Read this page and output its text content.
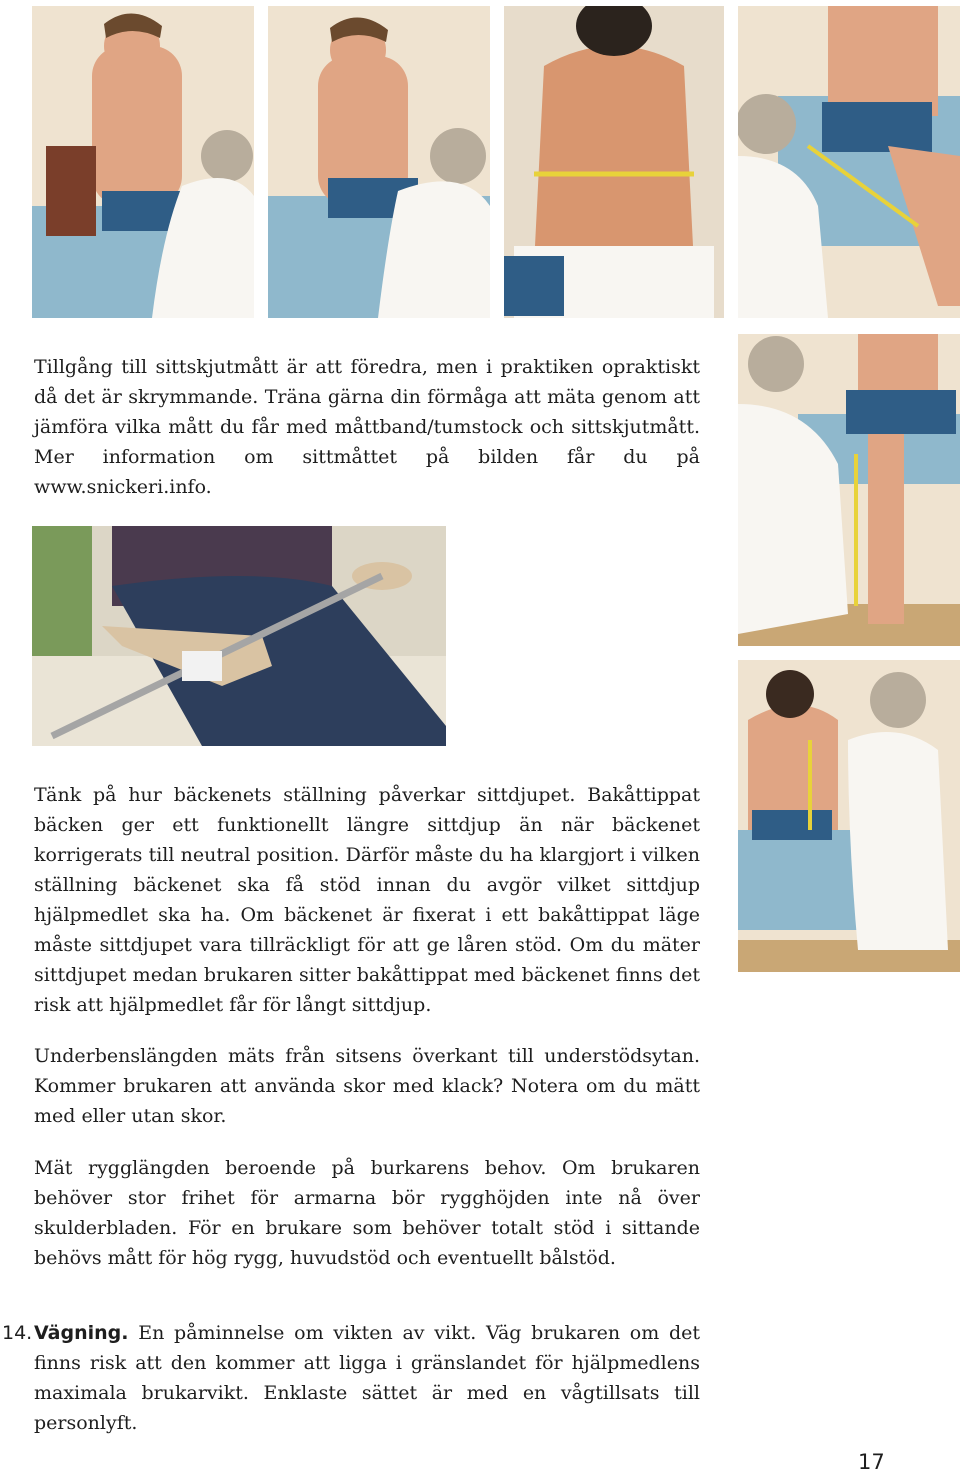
Tillgång till sittskjutmått är att föredra, men i praktiken opraktiskt då det är skrymmande. Träna gärna din förmåga att mäta genom att jämföra vilka mått du får med måttband/tumstock och sittskjutmått. Mer information om sittmåttet på bilden får du på www.snickeri.info.

Tänk på hur bäckenets ställning påverkar sittdjupet. Bakåttippat bäcken ger ett funktionellt längre sittdjup än när bäckenet korrigerats till neutral position. Därför måste du ha klargjort i vilken ställning bäckenet ska få stöd innan du avgör vilket sittdjup hjälpmedlet ska ha. Om bäckenet är fixerat i ett bakåttippat läge måste sittdjupet vara tillräckligt för att ge låren stöd. Om du mäter sittdjupet medan brukaren sitter bakåttippat med bäckenet finns det risk att hjälpmedlet får för långt sittdjup.

Underbenslängden mäts från sitsens överkant till understödsytan. Kommer brukaren att använda skor med klack? Notera om du mätt med eller utan skor.

Mät rygglängden beroende på burkarens behov. Om brukaren behöver stor frihet för armarna bör rygghöjden inte nå över skulderbladen. För en brukare som behöver totalt stöd i sittande behövs mått för hög rygg, huvudstöd och eventuellt bålstöd.

14. Vägning. En påminnelse om vikten av vikt. Väg brukaren om det finns risk att den kommer att ligga i gränslandet för hjälpmedlens maximala brukarvikt. Enklaste sättet är med en vågtillsats till personlyft.

17
